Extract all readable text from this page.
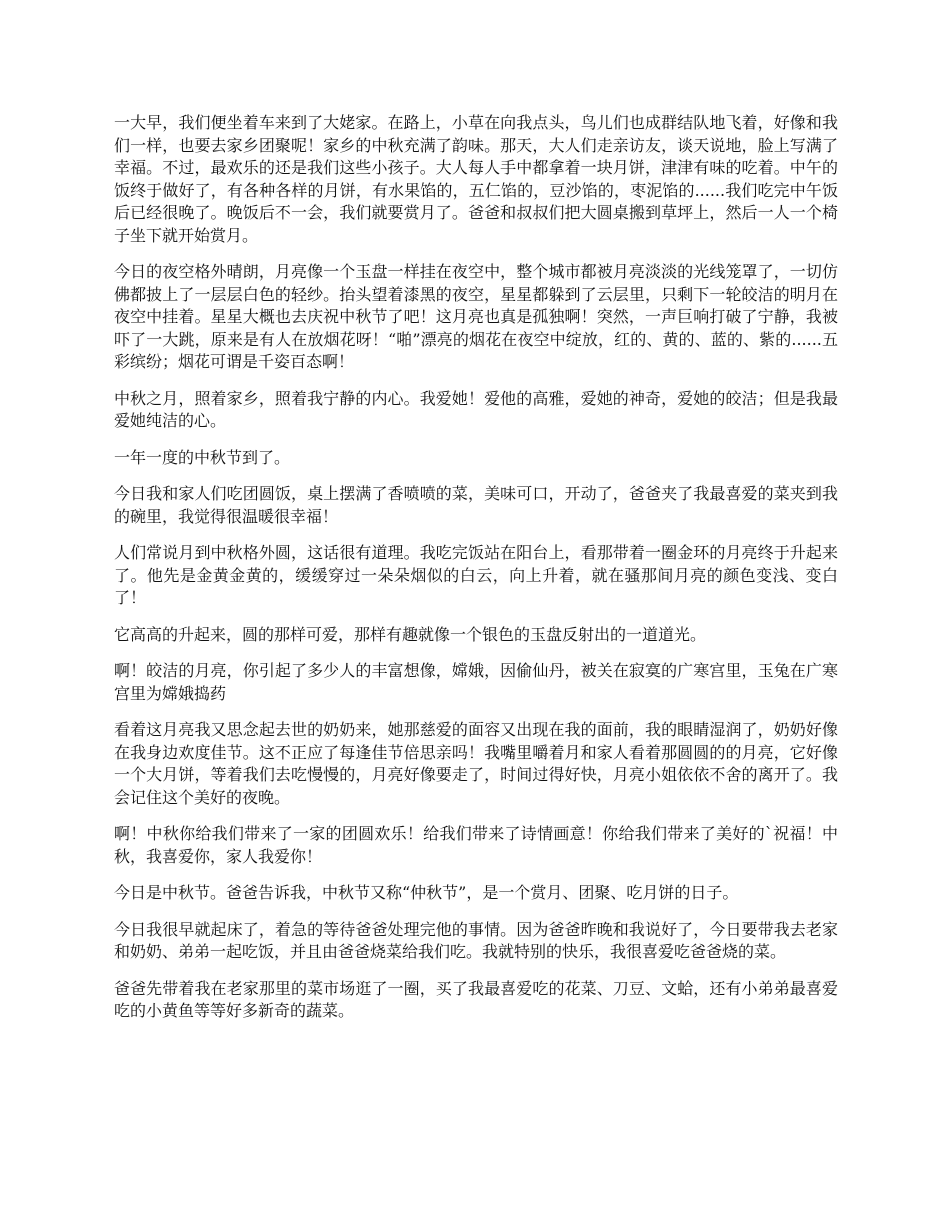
一大早，我们便坐着车来到了大姥家。在路上，小草在向我点头，鸟儿们也成群结队地飞着，好像和我们一样，也要去家乡团聚呢！家乡的中秋充满了韵味。那天，大人们走亲访友，谈天说地，脸上写满了幸福。不过，最欢乐的还是我们这些小孩子。大人每人手中都拿着一块月饼，津津有味的吃着。中午的饭终于做好了，有各种各样的月饼，有水果馅的，五仁馅的，豆沙馅的，枣泥馅的......我们吃完中午饭后已经很晚了。晚饭后不一会，我们就要赏月了。爸爸和叔叔们把大圆桌搬到草坪上，然后一人一个椅子坐下就开始赏月。

今日的夜空格外晴朗，月亮像一个玉盘一样挂在夜空中，整个城市都被月亮淡淡的光线笼罩了，一切仿佛都披上了一层层白色的轻纱。抬头望着漆黑的夜空，星星都躲到了云层里，只剩下一轮皎洁的明月在夜空中挂着。星星大概也去庆祝中秋节了吧！这月亮也真是孤独啊！突然，一声巨响打破了宁静，我被吓了一大跳，原来是有人在放烟花呀！“啪”漂亮的烟花在夜空中绽放，红的、黄的、蓝的、紫的......五彩缤纷；烟花可谓是千姿百态啊！

中秋之月，照着家乡，照着我宁静的内心。我爱她！爱他的高雅，爱她的神奇，爱她的皎洁；但是我最爱她纯洁的心。

一年一度的中秋节到了。

今日我和家人们吃团圆饭，桌上摆满了香喷喷的菜，美味可口，开动了，爸爸夹了我最喜爱的菜夹到我的碗里，我觉得很温暖很幸福！

人们常说月到中秋格外圆，这话很有道理。我吃完饭站在阳台上，看那带着一圈金环的月亮终于升起来了。他先是金黄金黄的，缓缓穿过一朵朵烟似的白云，向上升着，就在骚那间月亮的颜色变浅、变白了！

它高高的升起来，圆的那样可爱，那样有趣就像一个银色的玉盘反射出的一道道光。

啊！皎洁的月亮，你引起了多少人的丰富想像，嫦娥，因偷仙丹，被关在寂寞的广寒宫里，玉兔在广寒宫里为嫦娥捣药

看着这月亮我又思念起去世的奶奶来，她那慈爱的面容又出现在我的面前，我的眼睛湿润了，奶奶好像在我身边欢度佳节。这不正应了每逢佳节倍思亲吗！我嘴里嚼着月和家人看着那圆圆的的月亮，它好像一个大月饼，等着我们去吃慢慢的，月亮好像要走了，时间过得好快，月亮小姐依依不舍的离开了。我会记住这个美好的夜晚。

啊！中秋你给我们带来了一家的团圆欢乐！给我们带来了诗情画意！你给我们带来了美好的`祝福！中秋，我喜爱你，家人我爱你！

今日是中秋节。爸爸告诉我，中秋节又称“仲秋节”，是一个赏月、团聚、吃月饼的日子。

今日我很早就起床了，着急的等待爸爸处理完他的事情。因为爸爸昨晚和我说好了，今日要带我去老家和奶奶、弟弟一起吃饭，并且由爸爸烧菜给我们吃。我就特别的快乐，我很喜爱吃爸爸烧的菜。

爸爸先带着我在老家那里的菜市场逛了一圈，买了我最喜爱吃的花菜、刀豆、文蛤，还有小弟弟最喜爱吃的小黄鱼等等好多新奇的蔬菜。
